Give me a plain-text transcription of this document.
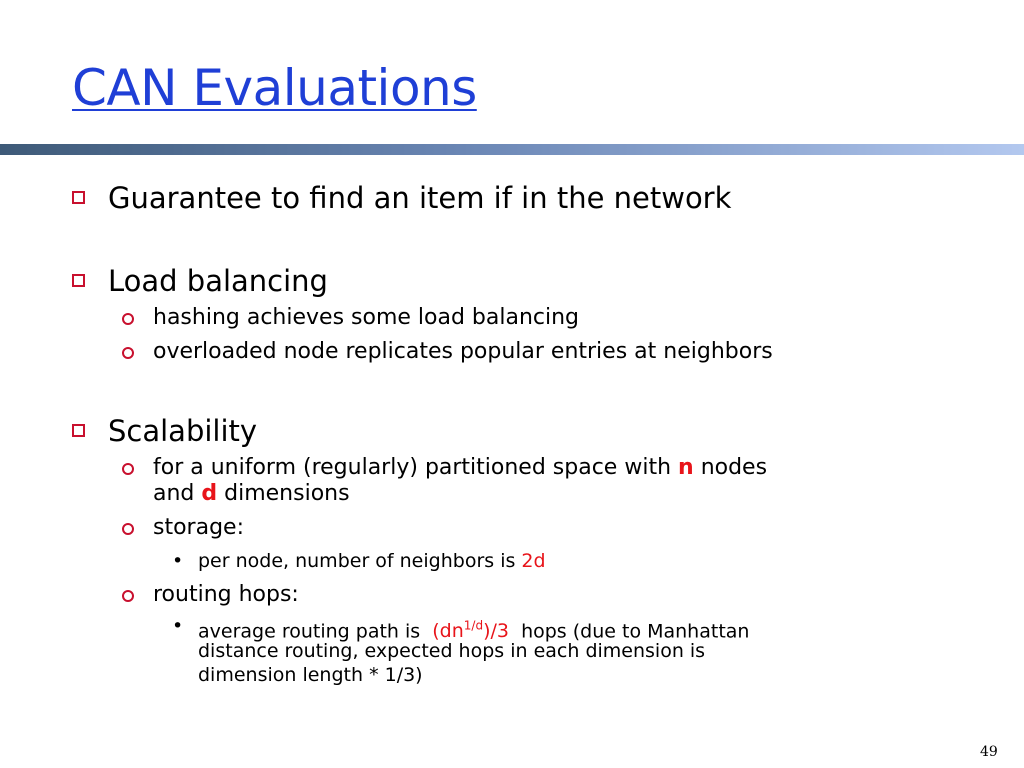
CAN Evaluations
Guarantee to find an item if in the network
Load balancing
hashing achieves some load balancing
overloaded node replicates popular entries at neighbors
Scalability
for a uniform (regularly) partitioned space with n nodes
and d dimensions
storage:
• per node, number of neighbors is 2d
routing hops:
• average routing path is $(dn^{1/d})/3$ hops (due to Manhattan
distance routing, expected hops in each dimension is
dimension length * 1/3)
49
